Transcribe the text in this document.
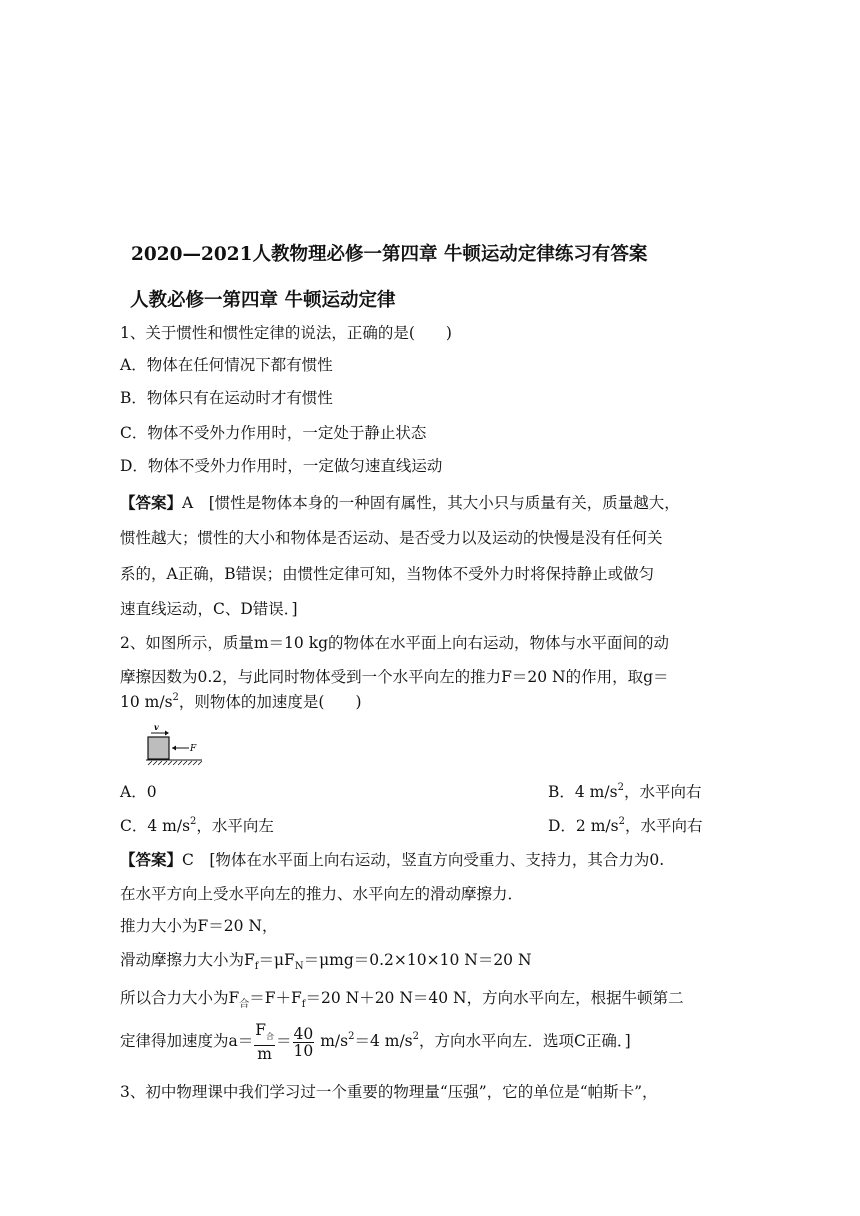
2020—2021人教物理必修一第四章 牛顿运动定律练习有答案
人教必修一第四章 牛顿运动定律
1、关于惯性和惯性定律的说法，正确的是(　　)
A．物体在任何情况下都有惯性
B．物体只有在运动时才有惯性
C．物体不受外力作用时，一定处于静止状态
D．物体不受外力作用时，一定做匀速直线运动
【答案】A　[惯性是物体本身的一种固有属性，其大小只与质量有关，质量越大，
惯性越大；惯性的大小和物体是否运动、是否受力以及运动的快慢是没有任何关
系的，A正确，B错误；由惯性定律可知，当物体不受外力时将保持静止或做匀
速直线运动，C、D错误．]
2、如图所示，质量m＝10 kg的物体在水平面上向右运动，物体与水平面间的动
摩擦因数为0.2，与此同时物体受到一个水平向左的推力F＝20 N的作用，取g＝
10 $m/s^2$，则物体的加速度是(　　)
v
F
A．0	B．4 $m/s^2$，水平向右
C．4 $m/s^2$，水平向左	D．2 $m/s^2$，水平向右
【答案】C　[物体在水平面上向右运动，竖直方向受重力、支持力，其合力为0.
在水平方向上受水平向左的推力、水平向左的滑动摩擦力．
推力大小为F＝20 N，
滑动摩擦力大小为$F_f=\mu F_N=\mu mg=0.2\times 10\times 10$ N＝20 N
所以合力大小为$F_合=F+F_f=20$ N＋20 N＝40 N，方向水平向左，根据牛顿第二
定律得加速度为$a= \frac{F_合}{m} = \frac{40}{10} m/s^2=4$ $m/s^2$，方向水平向左．选项C正确．]
3、初中物理课中我们学习过一个重要的物理量“压强”，它的单位是“帕斯卡”，
